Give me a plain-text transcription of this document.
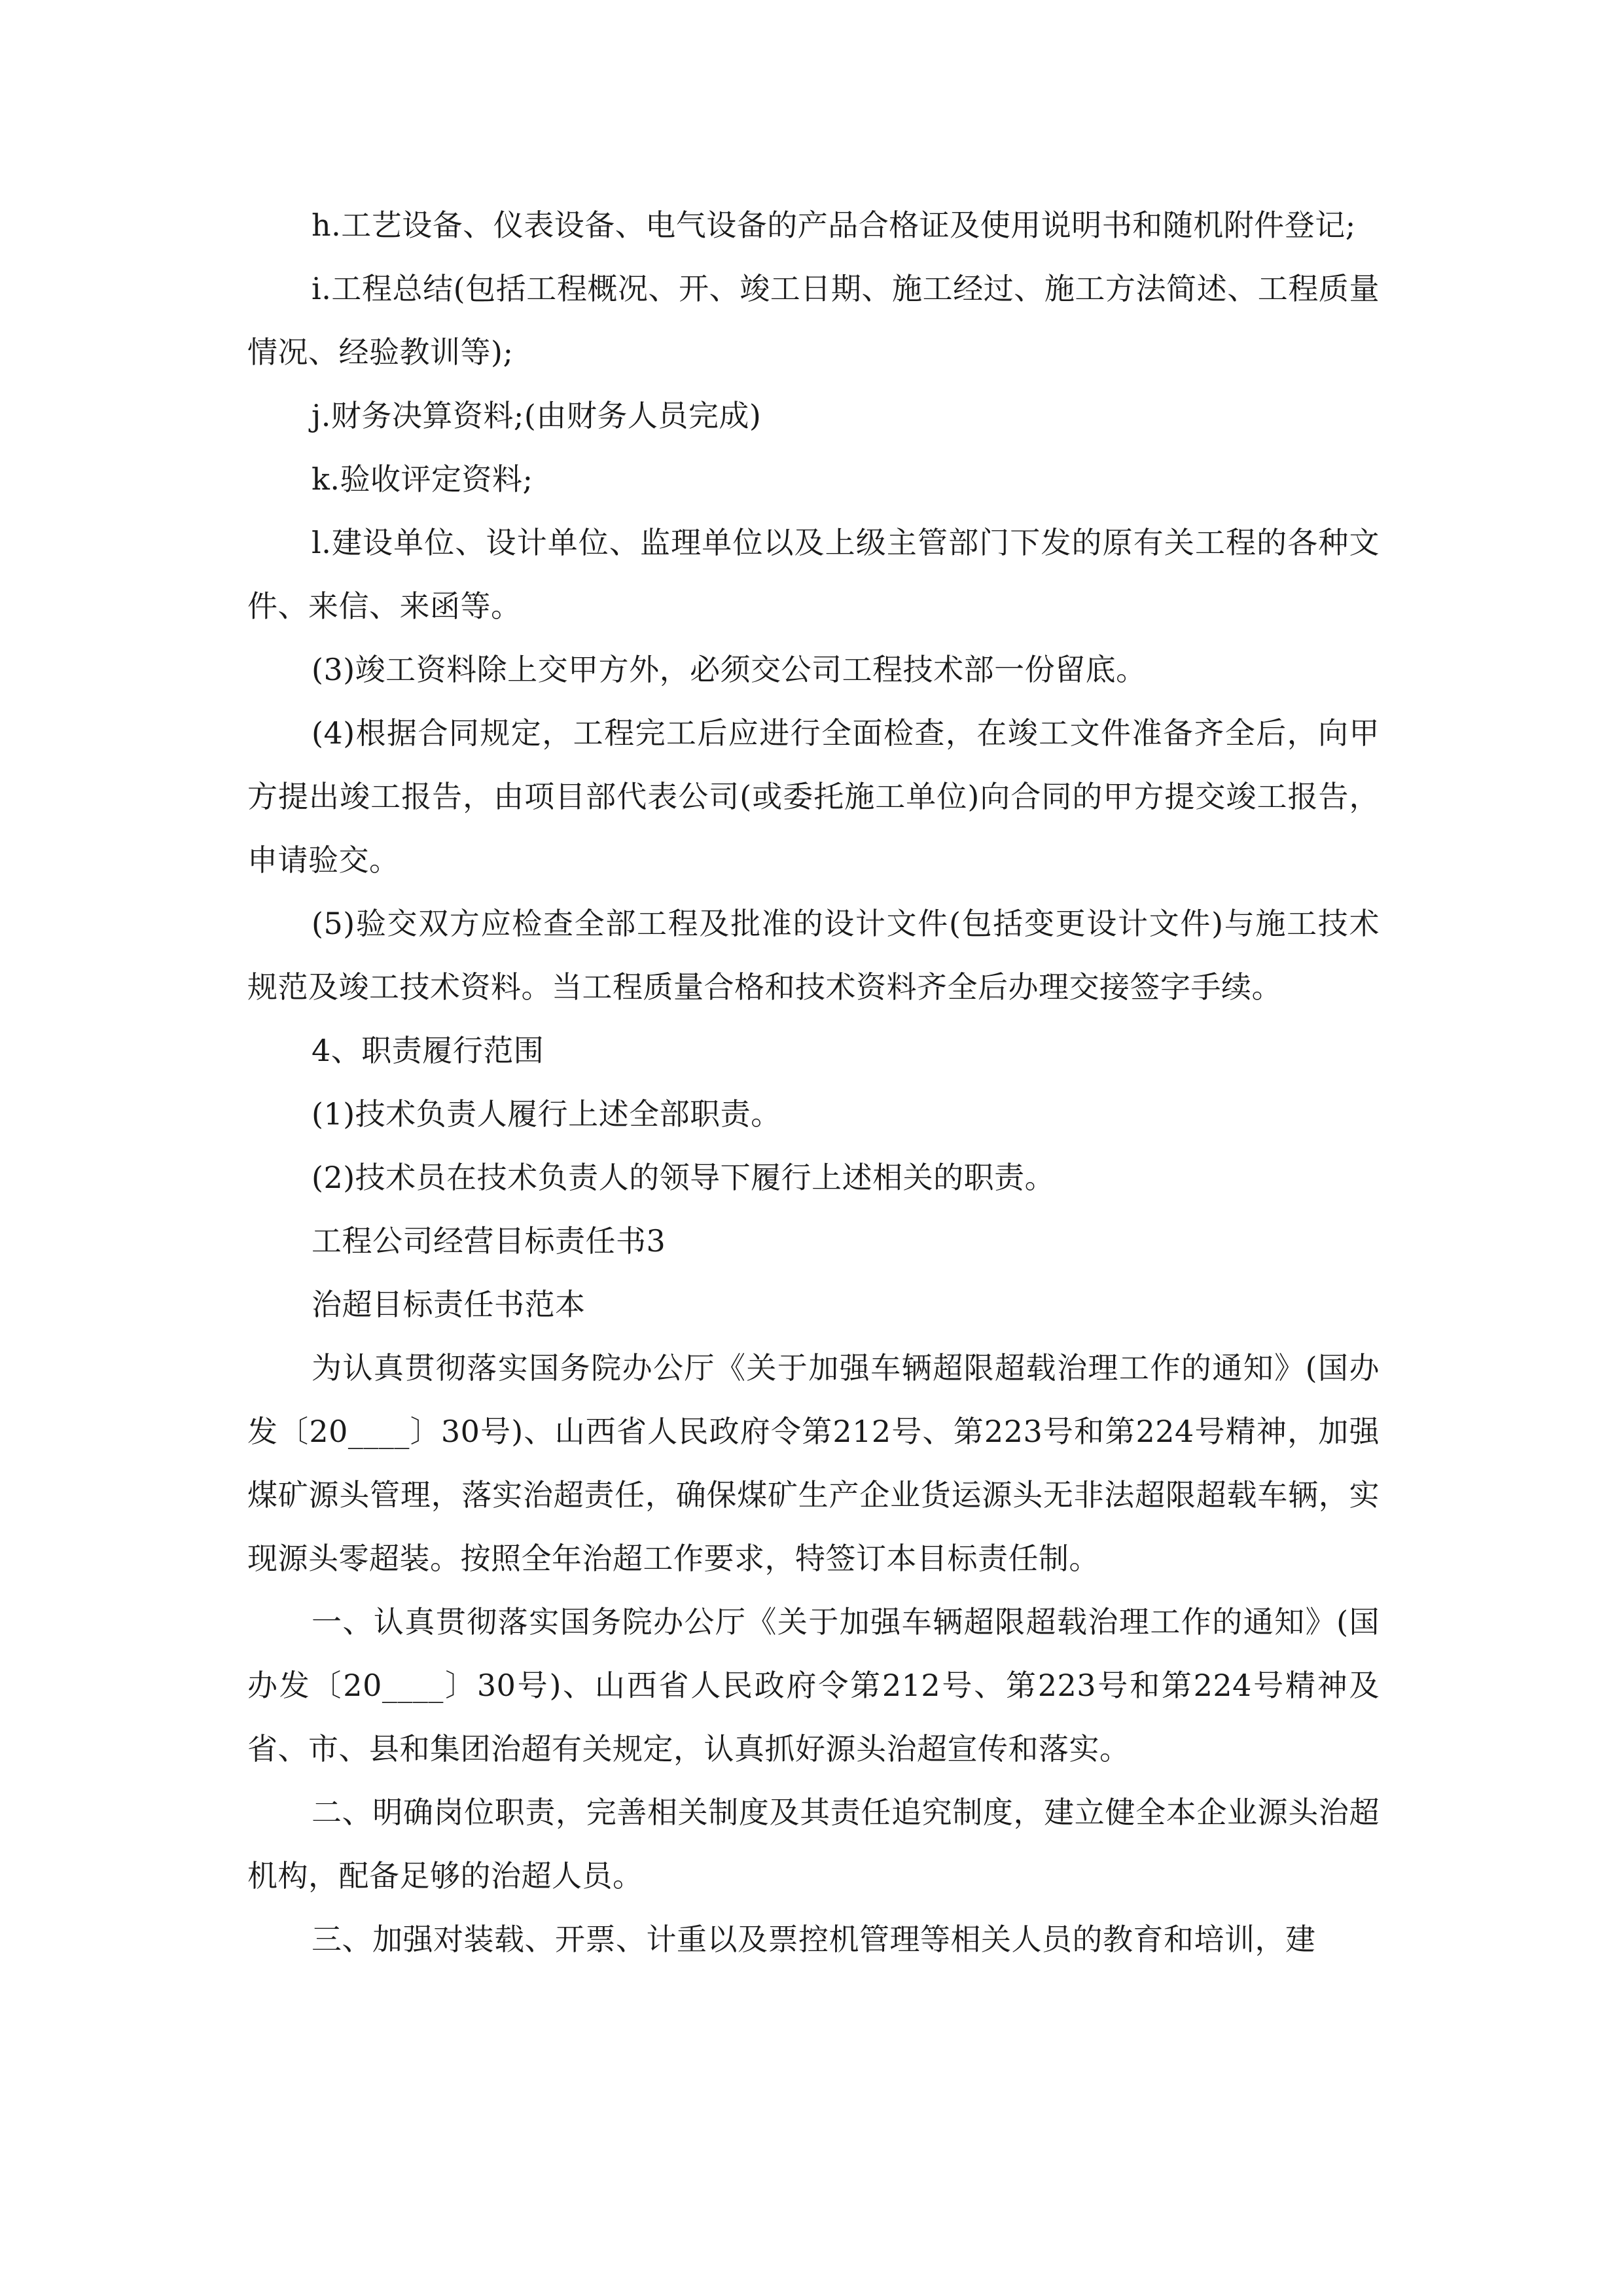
h.工艺设备、仪表设备、电气设备的产品合格证及使用说明书和随机附件登记;

i.工程总结(包括工程概况、开、竣工日期、施工经过、施工方法简述、工程质量情况、经验教训等);

j.财务决算资料;(由财务人员完成)

k.验收评定资料;

l.建设单位、设计单位、监理单位以及上级主管部门下发的原有关工程的各种文件、来信、来函等。

(3)竣工资料除上交甲方外，必须交公司工程技术部一份留底。

(4)根据合同规定，工程完工后应进行全面检查，在竣工文件准备齐全后，向甲方提出竣工报告，由项目部代表公司(或委托施工单位)向合同的甲方提交竣工报告，申请验交。

(5)验交双方应检查全部工程及批准的设计文件(包括变更设计文件)与施工技术规范及竣工技术资料。当工程质量合格和技术资料齐全后办理交接签字手续。

4、职责履行范围

(1)技术负责人履行上述全部职责。

(2)技术员在技术负责人的领导下履行上述相关的职责。

工程公司经营目标责任书3

治超目标责任书范本

为认真贯彻落实国务院办公厅《关于加强车辆超限超载治理工作的通知》(国办发〔20____〕30号)、山西省人民政府令第212号、第223号和第224号精神，加强煤矿源头管理，落实治超责任，确保煤矿生产企业货运源头无非法超限超载车辆，实现源头零超装。按照全年治超工作要求，特签订本目标责任制。

一、认真贯彻落实国务院办公厅《关于加强车辆超限超载治理工作的通知》(国办发〔20____〕30号)、山西省人民政府令第212号、第223号和第224号精神及省、市、县和集团治超有关规定，认真抓好源头治超宣传和落实。

二、明确岗位职责，完善相关制度及其责任追究制度，建立健全本企业源头治超机构，配备足够的治超人员。

三、加强对装载、开票、计重以及票控机管理等相关人员的教育和培训，建
